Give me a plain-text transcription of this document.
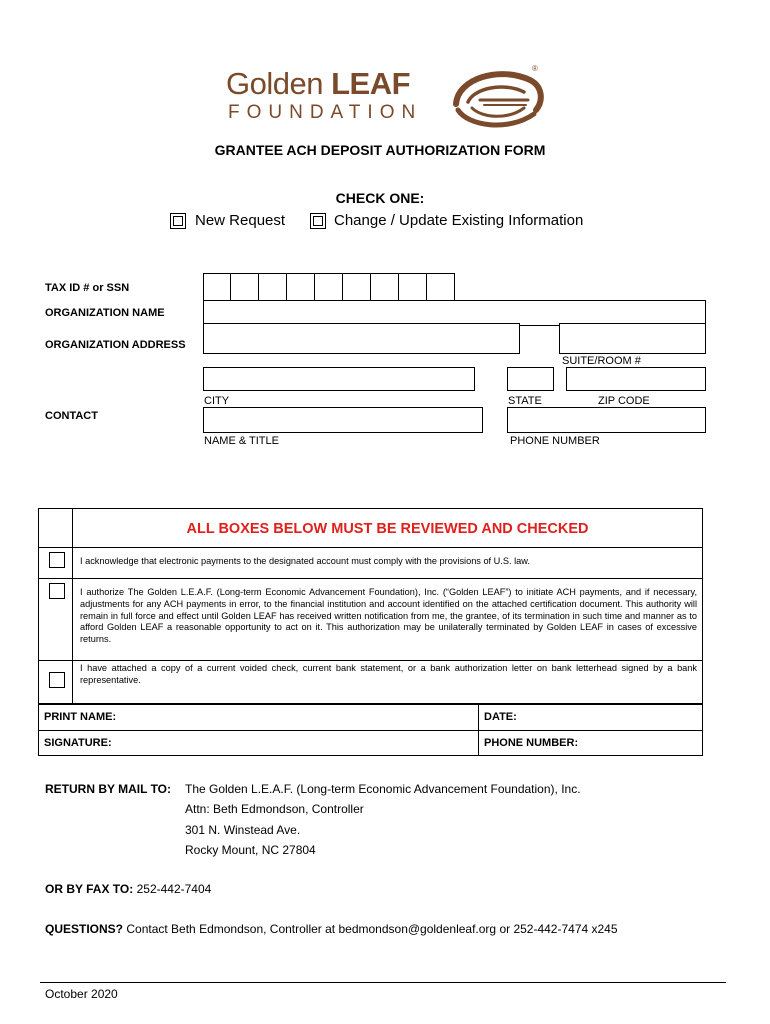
Golden LEAF
FOUNDATION
®
GRANTEE ACH DEPOSIT AUTHORIZATION FORM
CHECK ONE:
New Request	Change / Update Existing Information
TAX ID # or SSN
ORGANIZATION NAME
ORGANIZATION ADDRESS
SUITE/ROOM #
CITY	STATE	ZIP CODE
CONTACT
NAME & TITLE	PHONE NUMBER
ALL BOXES BELOW MUST BE REVIEWED AND CHECKED
I acknowledge that electronic payments to the designated account must comply with the provisions of U.S. law.
I authorize The Golden L.E.A.F. (Long-term Economic Advancement Foundation), Inc. (“Golden LEAF”) to initiate ACH payments, and if necessary, adjustments for any ACH payments in error, to the financial institution and account identified on the attached certification document. This authority will remain in full force and effect until Golden LEAF has received written notification from me, the grantee, of its termination in such time and manner as to afford Golden LEAF a reasonable opportunity to act on it. This authorization may be unilaterally terminated by Golden LEAF in cases of excessive returns.
I have attached a copy of a current voided check, current bank statement, or a bank authorization letter on bank letterhead signed by a bank representative.
PRINT NAME:	DATE:
SIGNATURE:	PHONE NUMBER:
RETURN BY MAIL TO: The Golden L.E.A.F. (Long-term Economic Advancement Foundation), Inc.
Attn: Beth Edmondson, Controller
301 N. Winstead Ave.
Rocky Mount, NC 27804
OR BY FAX TO: 252-442-7404
QUESTIONS? Contact Beth Edmondson, Controller at bedmondson@goldenleaf.org or 252-442-7474 x245
October 2020
